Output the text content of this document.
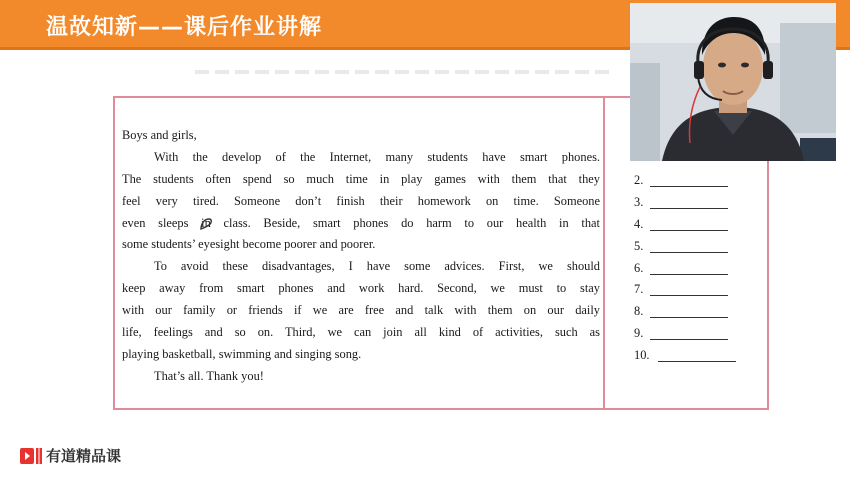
温故知新——课后作业讲解
Boys and girls,
With the develop of the Internet, many students have smart phones.
The students often spend so much time in play games with them that they
feel very tired. Someone don’t finish their homework on time. Someone
even sleeps in class. Beside, smart phones do harm to our health in that
some students’ eyesight become poorer and poorer.
To avoid these disadvantages, I have some advices. First, we should
keep away from smart phones and work hard. Second, we must to stay
with our family or friends if we are free and talk with them on our daily
life, feelings and so on. Third, we can join all kind of activities, such as
playing basketball, swimming and singing song.
That’s all. Thank you!
2.
3.
4.
5.
6.
7.
8.
9.
10.
有道精品课
